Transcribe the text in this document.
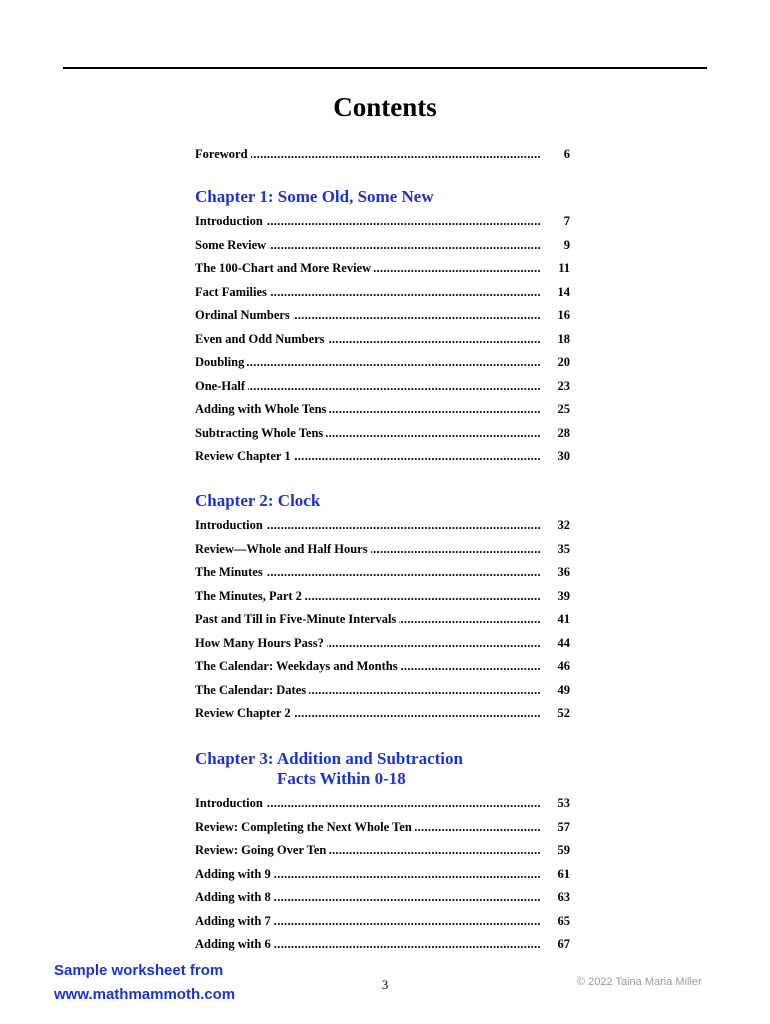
Contents
.....
Foreword	6
Chapter 1: Some Old, Some New
.....
Introduction	7
.....
Some Review	9
.....
The 100-Chart and More Review	11
.....
Fact Families	14
.....
Ordinal Numbers	16
.....
Even and Odd Numbers	18
.....
Doubling	20
.....
One-Half	23
.....
Adding with Whole Tens	25
.....
Subtracting Whole Tens	28
.....
Review Chapter 1	30
Chapter 2: Clock
.....
Introduction	32
.....
Review—Whole and Half Hours	35
.....
The Minutes	36
.....
The Minutes, Part 2	39
.....
Past and Till in Five-Minute Intervals	41
.....
How Many Hours Pass?	44
.....
The Calendar: Weekdays and Months	46
.....
The Calendar: Dates	49
.....
Review Chapter 2	52
Chapter 3: Addition and Subtraction
Facts Within 0-18
.....
Introduction	53
.....
Review: Completing the Next Whole Ten	57
.....
Review: Going Over Ten	59
.....
Adding with 9	61
.....
Adding with 8	63
.....
Adding with 7	65
.....
Adding with 6	67
Sample worksheet from
www.mathmammoth.com
3	© 2022 Taina Maria Miller
